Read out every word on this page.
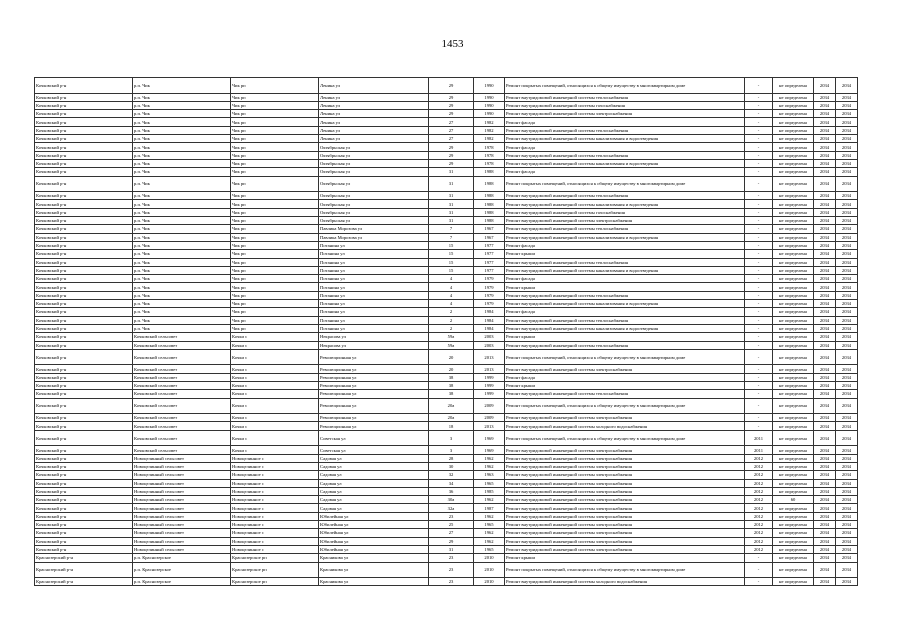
1453
Кочковский р-н	р.п. Чик	Чик рп	Ленина ул	29	1990	Ремонт покрытых помещений, относящихся к общему имуществу в многоквартирном доме	-	не определена	2034	2034
Кочковский р-н	р.п. Чик	Чик рп	Ленина ул	29	1990	Ремонт внутридомовой инженерной системы теплоснабжения	-	не определена	2034	2034
Кочковский р-н	р.п. Чик	Чик рп	Ленина ул	29	1990	Ремонт внутридомовой инженерной системы газоснабжения	-	не определена	2034	2034
Кочковский р-н	р.п. Чик	Чик рп	Ленина ул	29	1990	Ремонт внутридомовой инженерной системы электроснабжения	-	не определена	2034	2034
Кочковский р-н	р.п. Чик	Чик рп	Ленина ул	27	1982	Ремонт фасада	-	не определена	2034	2034
Кочковский р-н	р.п. Чик	Чик рп	Ленина ул	27	1982	Ремонт внутридомовой инженерной системы теплоснабжения	-	не определена	2034	2034
Кочковский р-н	р.п. Чик	Чик рп	Ленина ул	27	1982	Ремонт внутридомовой инженерной системы канализования и водоотведения	-	не определена	2034	2034
Кочковский р-н	р.п. Чик	Чик рп	Октябрьская ул	29	1978	Ремонт фасада	-	не определена	2034	2034
Кочковский р-н	р.п. Чик	Чик рп	Октябрьская ул	29	1978	Ремонт внутридомовой инженерной системы теплоснабжения	-	не определена	2034	2034
Кочковский р-н	р.п. Чик	Чик рп	Октябрьская ул	29	1978	Ремонт внутридомовой инженерной системы канализования и водоотведения	-	не определена	2034	2034
Кочковский р-н	р.п. Чик	Чик рп	Октябрьская ул	31	1988	Ремонт фасада	-	не определена	2034	2034
Кочковский р-н	р.п. Чик	Чик рп	Октябрьская ул	31	1988	Ремонт покрытых помещений, относящихся к общему имуществу в многоквартирном доме	-	не определена	2034	2034
Кочковский р-н	р.п. Чик	Чик рп	Октябрьская ул	31	1988	Ремонт внутридомовой инженерной системы теплоснабжения	-	не определена	2034	2034
Кочковский р-н	р.п. Чик	Чик рп	Октябрьская ул	31	1988	Ремонт внутридомовой инженерной системы канализования и водоотведения	-	не определена	2034	2034
Кочковский р-н	р.п. Чик	Чик рп	Октябрьская ул	31	1988	Ремонт внутридомовой инженерной системы газоснабжения	-	не определена	2034	2034
Кочковский р-н	р.п. Чик	Чик рп	Октябрьская ул	31	1988	Ремонт внутридомовой инженерной системы электроснабжения	-	не определена	2034	2034
Кочковский р-н	р.п. Чик	Чик рп	Павлика Морозова ул	7	1967	Ремонт внутридомовой инженерной системы теплоснабжения	-	не определена	2034	2034
Кочковский р-н	р.п. Чик	Чик рп	Павлика Морозова ул	7	1967	Ремонт внутридомовой инженерной системы канализования и водоотведения	-	не определена	2034	2034
Кочковский р-н	р.п. Чик	Чик рп	Потанина ул	15	1977	Ремонт фасада	-	не определена	2034	2034
Кочковский р-н	р.п. Чик	Чик рп	Потанина ул	15	1977	Ремонт крыши	-	не определена	2034	2034
Кочковский р-н	р.п. Чик	Чик рп	Потанина ул	15	1977	Ремонт внутридомовой инженерной системы теплоснабжения	-	не определена	2034	2034
Кочковский р-н	р.п. Чик	Чик рп	Потанина ул	15	1977	Ремонт внутридомовой инженерной системы канализования и водоотведения	-	не определена	2034	2034
Кочковский р-н	р.п. Чик	Чик рп	Потанина ул	4	1979	Ремонт фасада	-	не определена	2034	2034
Кочковский р-н	р.п. Чик	Чик рп	Потанина ул	4	1979	Ремонт крыши	-	не определена	2034	2034
Кочковский р-н	р.п. Чик	Чик рп	Потанина ул	4	1979	Ремонт внутридомовой инженерной системы теплоснабжения	-	не определена	2034	2034
Кочковский р-н	р.п. Чик	Чик рп	Потанина ул	4	1979	Ремонт внутридомовой инженерной системы канализования и водоотведения	-	не определена	2034	2034
Кочковский р-н	р.п. Чик	Чик рп	Потанина ул	2	1984	Ремонт фасада	-	не определена	2034	2034
Кочковский р-н	р.п. Чик	Чик рп	Потанина ул	2	1984	Ремонт внутридомовой инженерной системы теплоснабжения	-	не определена	2034	2034
Кочковский р-н	р.п. Чик	Чик рп	Потанина ул	2	1984	Ремонт внутридомовой инженерной системы канализования и водоотведения	-	не определена	2034	2034
Кочковский р-н	Кочковский сельсовет	Кочки с	Некрасова ул	59а	2003	Ремонт крыши	-	не определена	2034	2034
Кочковский р-н	Кочковский сельсовет	Кочки с	Некрасова ул	59а	2003	Ремонт внутридомовой инженерной системы теплоснабжения	-	не определена	2034	2034
Кочковский р-н	Кочковский сельсовет	Кочки с	Революционная ул	20	2013	Ремонт покрытых помещений, относящихся к общему имуществу в многоквартирном доме	-	не определена	2034	2034
Кочковский р-н	Кочковский сельсовет	Кочки с	Революционная ул	20	2013	Ремонт внутридомовой инженерной системы электроснабжения	-	не определена	2034	2034
Кочковский р-н	Кочковский сельсовет	Кочки с	Революционная ул	38	1999	Ремонт фасада	-	не определена	2034	2034
Кочковский р-н	Кочковский сельсовет	Кочки с	Революционная ул	38	1999	Ремонт крыши	-	не определена	2034	2034
Кочковский р-н	Кочковский сельсовет	Кочки с	Революционная ул	38	1999	Ремонт внутридомовой инженерной системы теплоснабжения	-	не определена	2034	2034
Кочковский р-н	Кочковский сельсовет	Кочки с	Революционная ул	20а	2009	Ремонт покрытых помещений, относящихся к общему имуществу в многоквартирном доме	-	не определена	2034	2034
Кочковский р-н	Кочковский сельсовет	Кочки с	Революционная ул	20а	2009	Ремонт внутридомовой инженерной системы электроснабжения	-	не определена	2034	2034
Кочковский р-н	Кочковский сельсовет	Кочки с	Революционная ул	18	2013	Ремонт внутридомовой инженерной системы холодного водоснабжения	-	не определена	2034	2034
Кочковский р-н	Кочковский сельсовет	Кочки с	Советская ул	3	1969	Ремонт покрытых помещений, относящихся к общему имуществу в многоквартирном доме	2011	не определена	2034	2034
Кочковский р-н	Кочковский сельсовет	Кочки с	Советская ул	3	1969	Ремонт внутридомовой инженерной системы электроснабжения	2011	не определена	2034	2034
Кочковский р-н	Новоцелинный сельсовет	Новоцелинное с	Садовая ул	28	1962	Ремонт внутридомовой инженерной системы электроснабжения	2012	не определена	2034	2034
Кочковский р-н	Новоцелинный сельсовет	Новоцелинное с	Садовая ул	30	1962	Ремонт внутридомовой инженерной системы электроснабжения	2012	не определена	2034	2034
Кочковский р-н	Новоцелинный сельсовет	Новоцелинное с	Садовая ул	32	1963	Ремонт внутридомовой инженерной системы электроснабжения	2012	не определена	2034	2034
Кочковский р-н	Новоцелинный сельсовет	Новоцелинное с	Садовая ул	34	1965	Ремонт внутридомовой инженерной системы электроснабжения	2012	не определена	2034	2034
Кочковский р-н	Новоцелинный сельсовет	Новоцелинное с	Садовая ул	36	1985	Ремонт внутридомовой инженерной системы электроснабжения	2012	не определена	2034	2034
Кочковский р-н	Новоцелинный сельсовет	Новоцелинное с	Садовая ул	30а	1962	Ремонт внутридомовой инженерной системы электроснабжения	2012	60	2034	2034
Кочковский р-н	Новоцелинный сельсовет	Новоцелинное с	Садовая ул	32а	1987	Ремонт внутридомовой инженерной системы электроснабжения	2012	не определена	2034	2034
Кочковский р-н	Новоцелинный сельсовет	Новоцелинное с	Юбилейная ул	23	1962	Ремонт внутридомовой инженерной системы электроснабжения	2012	не определена	2034	2034
Кочковский р-н	Новоцелинный сельсовет	Новоцелинное с	Юбилейная ул	25	1965	Ремонт внутридомовой инженерной системы электроснабжения	2012	не определена	2034	2034
Кочковский р-н	Новоцелинный сельсовет	Новоцелинное с	Юбилейная ул	27	1962	Ремонт внутридомовой инженерной системы электроснабжения	2012	не определена	2034	2034
Кочковский р-н	Новоцелинный сельсовет	Новоцелинное с	Юбилейная ул	29	1962	Ремонт внутридомовой инженерной системы электроснабжения	2012	не определена	2034	2034
Кочковский р-н	Новоцелинный сельсовет	Новоцелинное с	Юбилейная ул	31	1965	Ремонт внутридомовой инженерной системы электроснабжения	2012	не определена	2034	2034
Краснозерский р-н	р.п. Краснозерское	Краснозерское рп	Красникова ул	23	2010	Ремонт крыши	-	не определена	2034	2034
Краснозерский р-н	р.п. Краснозерское	Краснозерское рп	Красникова ул	23	2010	Ремонт покрытых помещений, относящихся к общему имуществу в многоквартирном доме	-	не определена	2034	2034
Краснозерский р-н	р.п. Краснозерское	Краснозерское рп	Красникова ул	23	2010	Ремонт внутридомовой инженерной системы холодного водоснабжения	-	не определена	2034	2034
